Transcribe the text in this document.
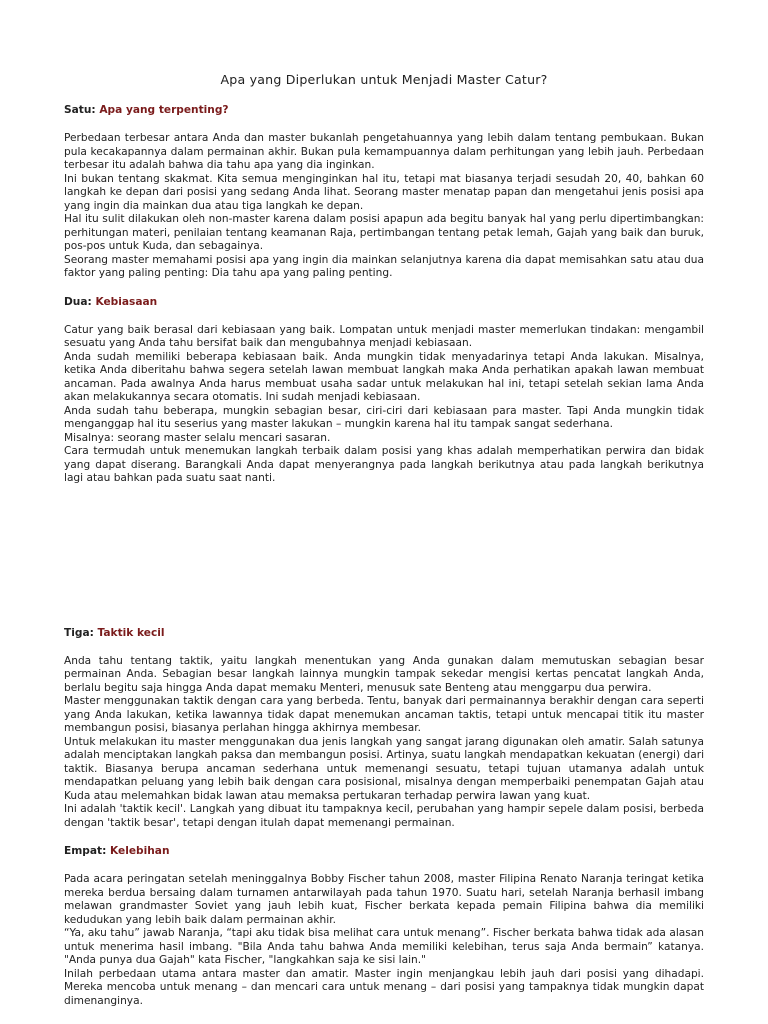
Apa yang Diperlukan untuk Menjadi Master Catur?

Satu: Apa yang terpenting?

Perbedaan terbesar antara Anda dan master bukanlah pengetahuannya yang lebih dalam tentang pembukaan. Bukan pula kecakapannya dalam permainan akhir. Bukan pula kemampuannya dalam perhitungan yang lebih jauh. Perbedaan terbesar itu adalah bahwa dia tahu apa yang dia inginkan.

Ini bukan tentang skakmat. Kita semua menginginkan hal itu, tetapi mat biasanya terjadi sesudah 20, 40, bahkan 60 langkah ke depan dari posisi yang sedang Anda lihat. Seorang master menatap papan dan mengetahui jenis posisi apa yang ingin dia mainkan dua atau tiga langkah ke depan.

Hal itu sulit dilakukan oleh non-master karena dalam posisi apapun ada begitu banyak hal yang perlu dipertimbangkan: perhitungan materi, penilaian tentang keamanan Raja, pertimbangan tentang petak lemah, Gajah yang baik dan buruk, pos-pos untuk Kuda, dan sebagainya.

Seorang master memahami posisi apa yang ingin dia mainkan selanjutnya karena dia dapat memisahkan satu atau dua faktor yang paling penting: Dia tahu apa yang paling penting.

Dua: Kebiasaan

Catur yang baik berasal dari kebiasaan yang baik. Lompatan untuk menjadi master memerlukan tindakan: mengambil sesuatu yang Anda tahu bersifat baik dan mengubahnya menjadi kebiasaan.

Anda sudah memiliki beberapa kebiasaan baik. Anda mungkin tidak menyadarinya tetapi Anda lakukan. Misalnya, ketika Anda diberitahu bahwa segera setelah lawan membuat langkah maka Anda perhatikan apakah lawan membuat ancaman. Pada awalnya Anda harus membuat usaha sadar untuk melakukan hal ini, tetapi setelah sekian lama Anda akan melakukannya secara otomatis. Ini sudah menjadi kebiasaan.

Anda sudah tahu beberapa, mungkin sebagian besar, ciri-ciri dari kebiasaan para master. Tapi Anda mungkin tidak menganggap hal itu seserius yang master lakukan – mungkin karena hal itu tampak sangat sederhana.

Misalnya: seorang master selalu mencari sasaran.

Cara termudah untuk menemukan langkah terbaik dalam posisi yang khas adalah memperhatikan perwira dan bidak yang dapat diserang. Barangkali Anda dapat menyerangnya pada langkah berikutnya atau pada langkah berikutnya lagi atau bahkan pada suatu saat nanti.

Tiga: Taktik kecil

Anda tahu tentang taktik, yaitu langkah menentukan yang Anda gunakan dalam memutuskan sebagian besar permainan Anda. Sebagian besar langkah lainnya mungkin tampak sekedar mengisi kertas pencatat langkah Anda, berlalu begitu saja hingga Anda dapat memaku Menteri, menusuk sate Benteng atau menggarpu dua perwira.

Master menggunakan taktik dengan cara yang berbeda. Tentu, banyak dari permainannya berakhir dengan cara seperti yang Anda lakukan, ketika lawannya tidak dapat menemukan ancaman taktis, tetapi untuk mencapai titik itu master membangun posisi, biasanya perlahan hingga akhirnya membesar.

Untuk melakukan itu master menggunakan dua jenis langkah yang sangat jarang digunakan oleh amatir. Salah satunya adalah menciptakan langkah paksa dan membangun posisi. Artinya, suatu langkah mendapatkan kekuatan (energi) dari taktik. Biasanya berupa ancaman sederhana untuk memenangi sesuatu, tetapi tujuan utamanya adalah untuk mendapatkan peluang yang lebih baik dengan cara posisional, misalnya dengan memperbaiki penempatan Gajah atau Kuda atau melemahkan bidak lawan atau memaksa pertukaran terhadap perwira lawan yang kuat.

Ini adalah 'taktik kecil'. Langkah yang dibuat itu tampaknya kecil, perubahan yang hampir sepele dalam posisi, berbeda dengan 'taktik besar', tetapi dengan itulah dapat memenangi permainan.

Empat: Kelebihan

Pada acara peringatan setelah meninggalnya Bobby Fischer tahun 2008, master Filipina Renato Naranja teringat ketika mereka berdua bersaing dalam turnamen antarwilayah pada tahun 1970. Suatu hari, setelah Naranja berhasil imbang melawan grandmaster Soviet yang jauh lebih kuat, Fischer berkata kepada pemain Filipina bahwa dia memiliki kedudukan yang lebih baik dalam permainan akhir.

“Ya, aku tahu” jawab Naranja, “tapi aku tidak bisa melihat cara untuk menang”. Fischer berkata bahwa tidak ada alasan untuk menerima hasil imbang. "Bila Anda tahu bahwa Anda memiliki kelebihan, terus saja Anda bermain” katanya. "Anda punya dua Gajah" kata Fischer, "langkahkan saja ke sisi lain."

Inilah perbedaan utama antara master dan amatir. Master ingin menjangkau lebih jauh dari posisi yang dihadapi. Mereka mencoba untuk menang – dan mencari cara untuk menang – dari posisi yang tampaknya tidak mungkin dapat dimenanginya.
